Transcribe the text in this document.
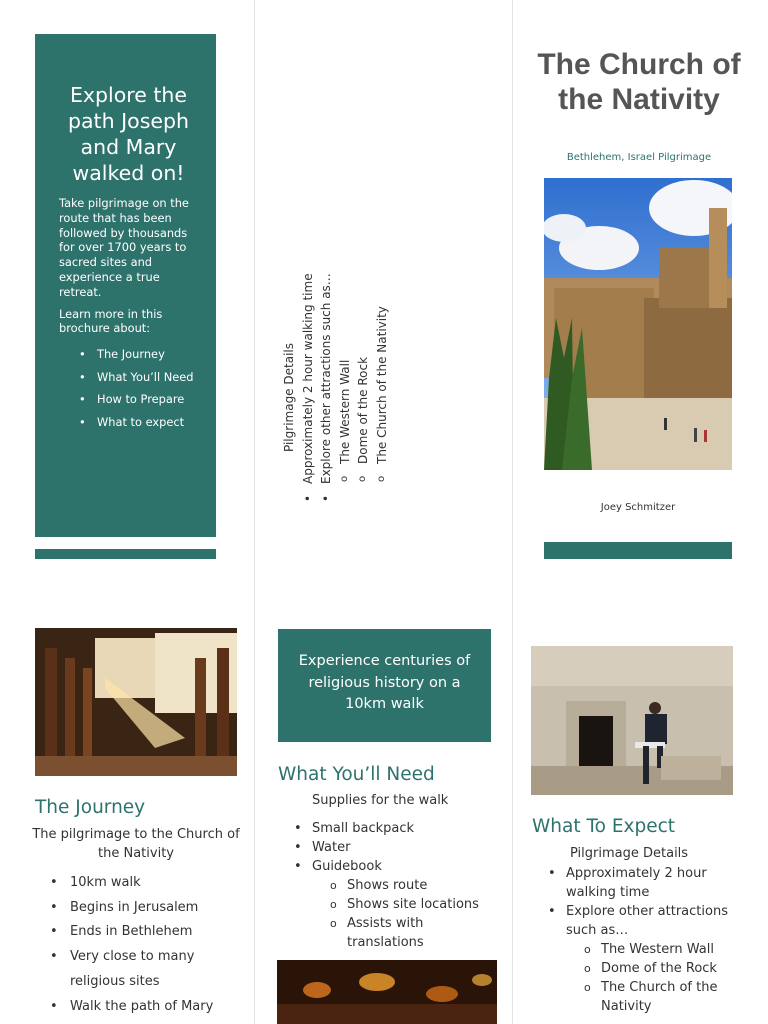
Explore the path Joseph and Mary walked on!

Take pilgrimage on the route that has been followed by thousands for over 1700 years to sacred sites and experience a true retreat.

Learn more in this brochure about:

• The Journey
• What You’ll Need
• How to Prepare
• What to expect	Pilgrimage Details • Approximately 2 hour walking time • Explore other attractions such as… o The Western Wall o Dome of the Rock o The Church of the Nativity
The Church of the Nativity
Bethlehem, Israel Pilgrimage
Joey Schmitzer
The Journey

The pilgrimage to the Church of the Nativity

• 10km walk
• Begins in Jerusalem
• Ends in Bethlehem
• Very close to many religious sites
• Walk the path of Mary
Experience centuries of religious history on a 10km walk
What You’ll Need

Supplies for the walk

• Small backpack
• Water
• Guidebook
o Shows route
o Shows site locations
o Assists with translations
What To Expect

Pilgrimage Details

• Approximately 2 hour walking time
• Explore other attractions such as…
o The Western Wall
o Dome of the Rock
o The Church of the Nativity
